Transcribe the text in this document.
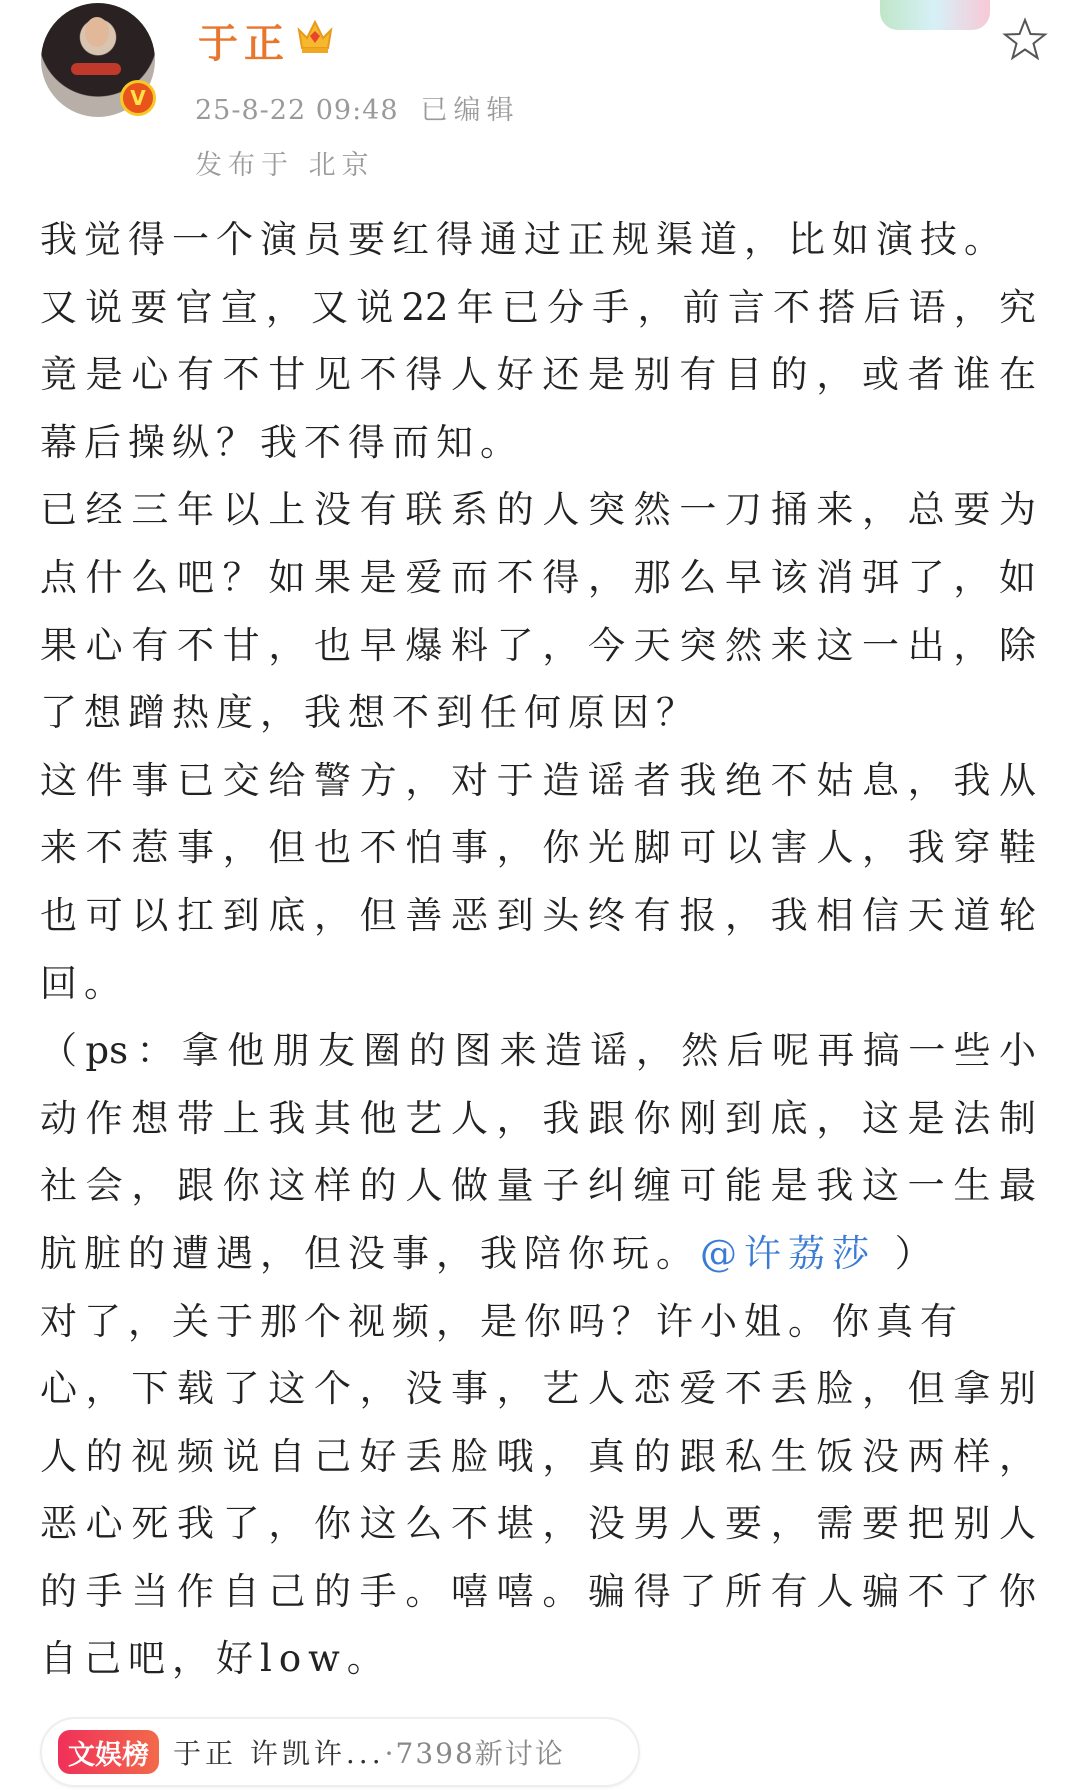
V
于正
25-8-22 09:48 已编辑
发布于 北京
我觉得一个演员要红得通过正规渠道，比如演技。
又说要官宣，又说22年已分手，前言不搭后语，究
竟是心有不甘见不得人好还是别有目的，或者谁在
幕后操纵？我不得而知。
已经三年以上没有联系的人突然一刀捅来，总要为
点什么吧？如果是爱而不得，那么早该消弭了，如
果心有不甘，也早爆料了，今天突然来这一出，除
了想蹭热度，我想不到任何原因？
这件事已交给警方，对于造谣者我绝不姑息，我从
来不惹事，但也不怕事，你光脚可以害人，我穿鞋
也可以扛到底，但善恶到头终有报，我相信天道轮
回。
（ps：拿他朋友圈的图来造谣，然后呢再搞一些小
动作想带上我其他艺人，我跟你刚到底，这是法制
社会，跟你这样的人做量子纠缠可能是我这一生最
肮脏的遭遇，但没事，我陪你玩。@许荔莎 ）
对了，关于那个视频，是你吗？许小姐。你真有
心，下载了这个，没事，艺人恋爱不丢脸，但拿别
人的视频说自己好丢脸哦，真的跟私生饭没两样，
恶心死我了，你这么不堪，没男人要，需要把别人
的手当作自己的手。嘻嘻。骗得了所有人骗不了你
自己吧，好low。
文娱榜 于正 许凯许... ·7398新讨论
